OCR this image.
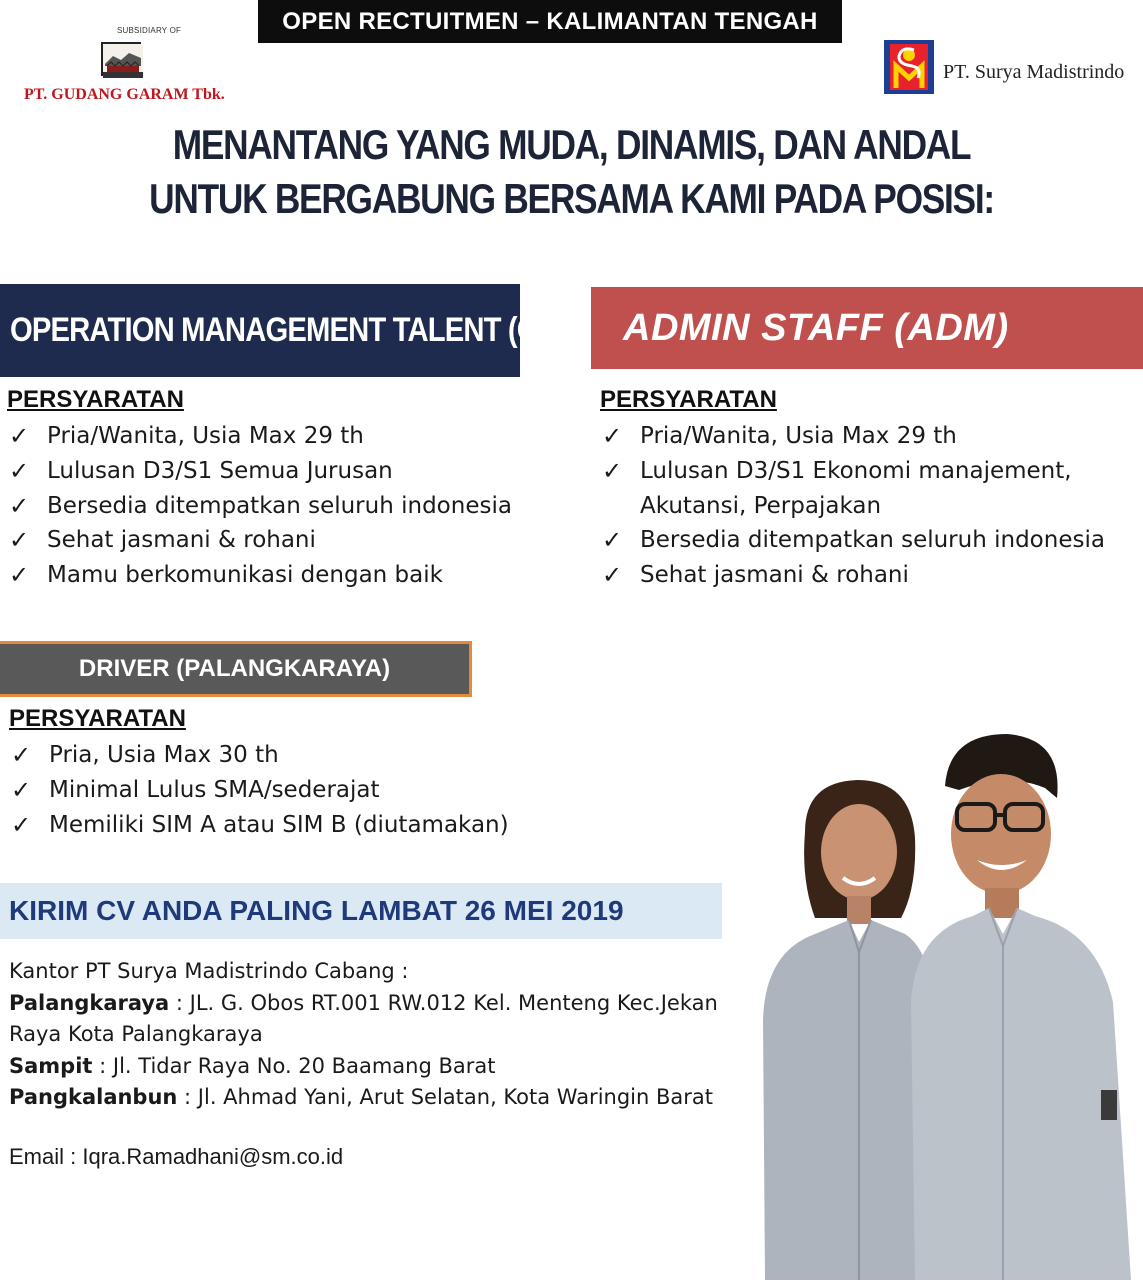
OPEN RECTUITMEN – KALIMANTAN TENGAH
SUBSIDIARY OF
PT. GUDANG GARAM Tbk.
PT. Surya Madistrindo
MENANTANG YANG MUDA, DINAMIS, DAN ANDAL
UNTUK BERGABUNG BERSAMA KAMI PADA POSISI:
OPERATION MANAGEMENT TALENT (OMT)
PERSYARATAN
✓ Pria/Wanita, Usia Max 29 th
✓ Lulusan D3/S1 Semua Jurusan
✓ Bersedia ditempatkan seluruh indonesia
✓ Sehat jasmani & rohani
✓ Mamu berkomunikasi dengan baik
ADMIN STAFF (ADM)
PERSYARATAN
✓ Pria/Wanita, Usia Max 29 th
✓ Lulusan D3/S1 Ekonomi manajement,
Akutansi, Perpajakan
✓ Bersedia ditempatkan seluruh indonesia
✓ Sehat jasmani & rohani
DRIVER (PALANGKARAYA)
PERSYARATAN
✓ Pria, Usia Max 30 th
✓ Minimal Lulus SMA/sederajat
✓ Memiliki SIM A atau SIM B (diutamakan)
KIRIM CV ANDA PALING LAMBAT 26 MEI 2019

Kantor PT Surya Madistrindo Cabang :

Palangkaraya : JL. G. Obos RT.001 RW.012 Kel. Menteng Kec.Jekan

Raya Kota Palangkaraya

Sampit : Jl. Tidar Raya No. 20 Baamang Barat

Pangkalanbun : Jl. Ahmad Yani, Arut Selatan, Kota Waringin Barat

Email : Iqra.Ramadhani@sm.co.id
